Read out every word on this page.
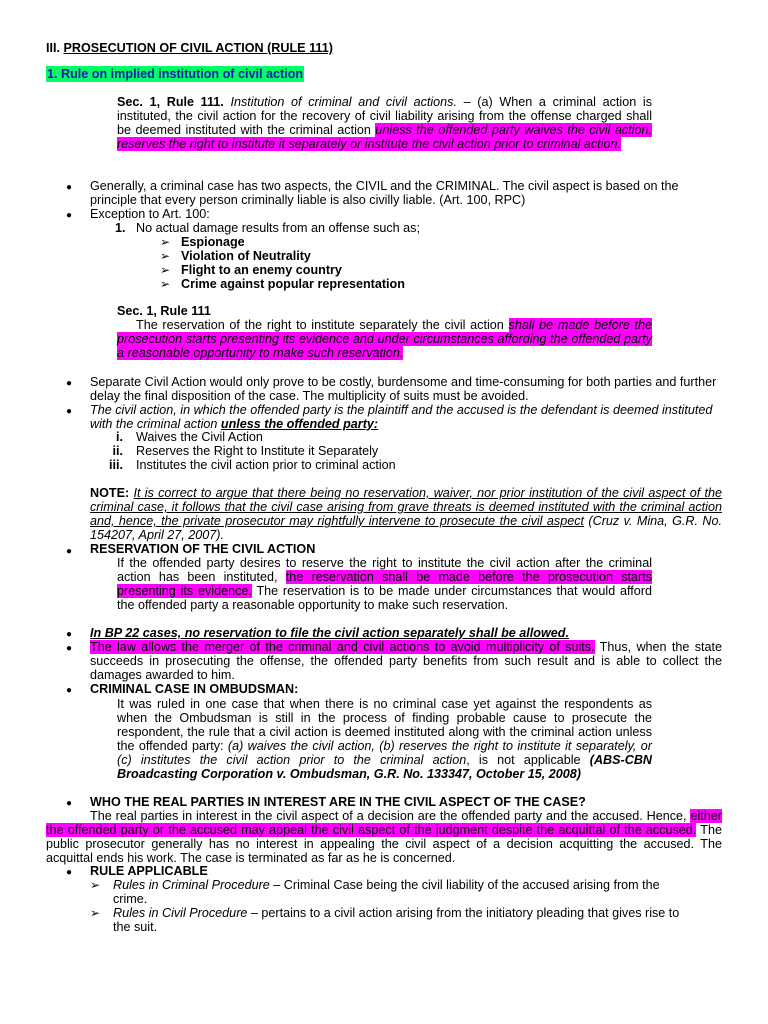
III. PROSECUTION OF CIVIL ACTION (RULE 111)
1. Rule on implied institution of civil action
Sec. 1, Rule 111. Institution of criminal and civil actions. – (a) When a criminal action is instituted, the civil action for the recovery of civil liability arising from the offense charged shall be deemed instituted with the criminal action unless the offended party waives the civil action, reserves the right to institute it separately or institute the civil action prior to criminal action.
● Generally, a criminal case has two aspects, the CIVIL and the CRIMINAL. The civil aspect is based on the principle that every person criminally liable is also civilly liable. (Art. 100, RPC)
● Exception to Art. 100:
1. No actual damage results from an offense such as;
➢ Espionage
➢ Violation of Neutrality
➢ Flight to an enemy country
➢ Crime against popular representation
Sec. 1, Rule 111
The reservation of the right to institute separately the civil action shall be made before the prosecution starts presenting its evidence and under circumstances affording the offended party a reasonable opportunity to make such reservation.
● Separate Civil Action would only prove to be costly, burdensome and time-consuming for both parties and further delay the final disposition of the case. The multiplicity of suits must be avoided.
● The civil action, in which the offended party is the plaintiff and the accused is the defendant is deemed instituted with the criminal action unless the offended party:
i. Waives the Civil Action
ii. Reserves the Right to Institute it Separately
iii. Institutes the civil action prior to criminal action
NOTE: It is correct to argue that there being no reservation, waiver, nor prior institution of the civil aspect of the criminal case, it follows that the civil case arising from grave threats is deemed instituted with the criminal action and, hence, the private prosecutor may rightfully intervene to prosecute the civil aspect (Cruz v. Mina, G.R. No. 154207, April 27, 2007).
● RESERVATION OF THE CIVIL ACTION
If the offended party desires to reserve the right to institute the civil action after the criminal action has been instituted, the reservation shall be made before the prosecution starts presenting its evidence. The reservation is to be made under circumstances that would afford the offended party a reasonable opportunity to make such reservation.
● In BP 22 cases, no reservation to file the civil action separately shall be allowed.
● The law allows the merger of the criminal and civil actions to avoid multiplicity of suits. Thus, when the state succeeds in prosecuting the offense, the offended party benefits from such result and is able to collect the damages awarded to him.
● CRIMINAL CASE IN OMBUDSMAN:
It was ruled in one case that when there is no criminal case yet against the respondents as when the Ombudsman is still in the process of finding probable cause to prosecute the respondent, the rule that a civil action is deemed instituted along with the criminal action unless the offended party: (a) waives the civil action, (b) reserves the right to institute it separately, or (c) institutes the civil action prior to the criminal action, is not applicable (ABS-CBN Broadcasting Corporation v. Ombudsman, G.R. No. 133347, October 15, 2008)
● WHO THE REAL PARTIES IN INTEREST ARE IN THE CIVIL ASPECT OF THE CASE?
The real parties in interest in the civil aspect of a decision are the offended party and the accused. Hence, either the offended party or the accused may appeal the civil aspect of the judgment despite the acquittal of the accused. The public prosecutor generally has no interest in appealing the civil aspect of a decision acquitting the accused. The acquittal ends his work. The case is terminated as far as he is concerned.
● RULE APPLICABLE
➢ Rules in Criminal Procedure – Criminal Case being the civil liability of the accused arising from the crime.
➢ Rules in Civil Procedure – pertains to a civil action arising from the initiatory pleading that gives rise to the suit.
